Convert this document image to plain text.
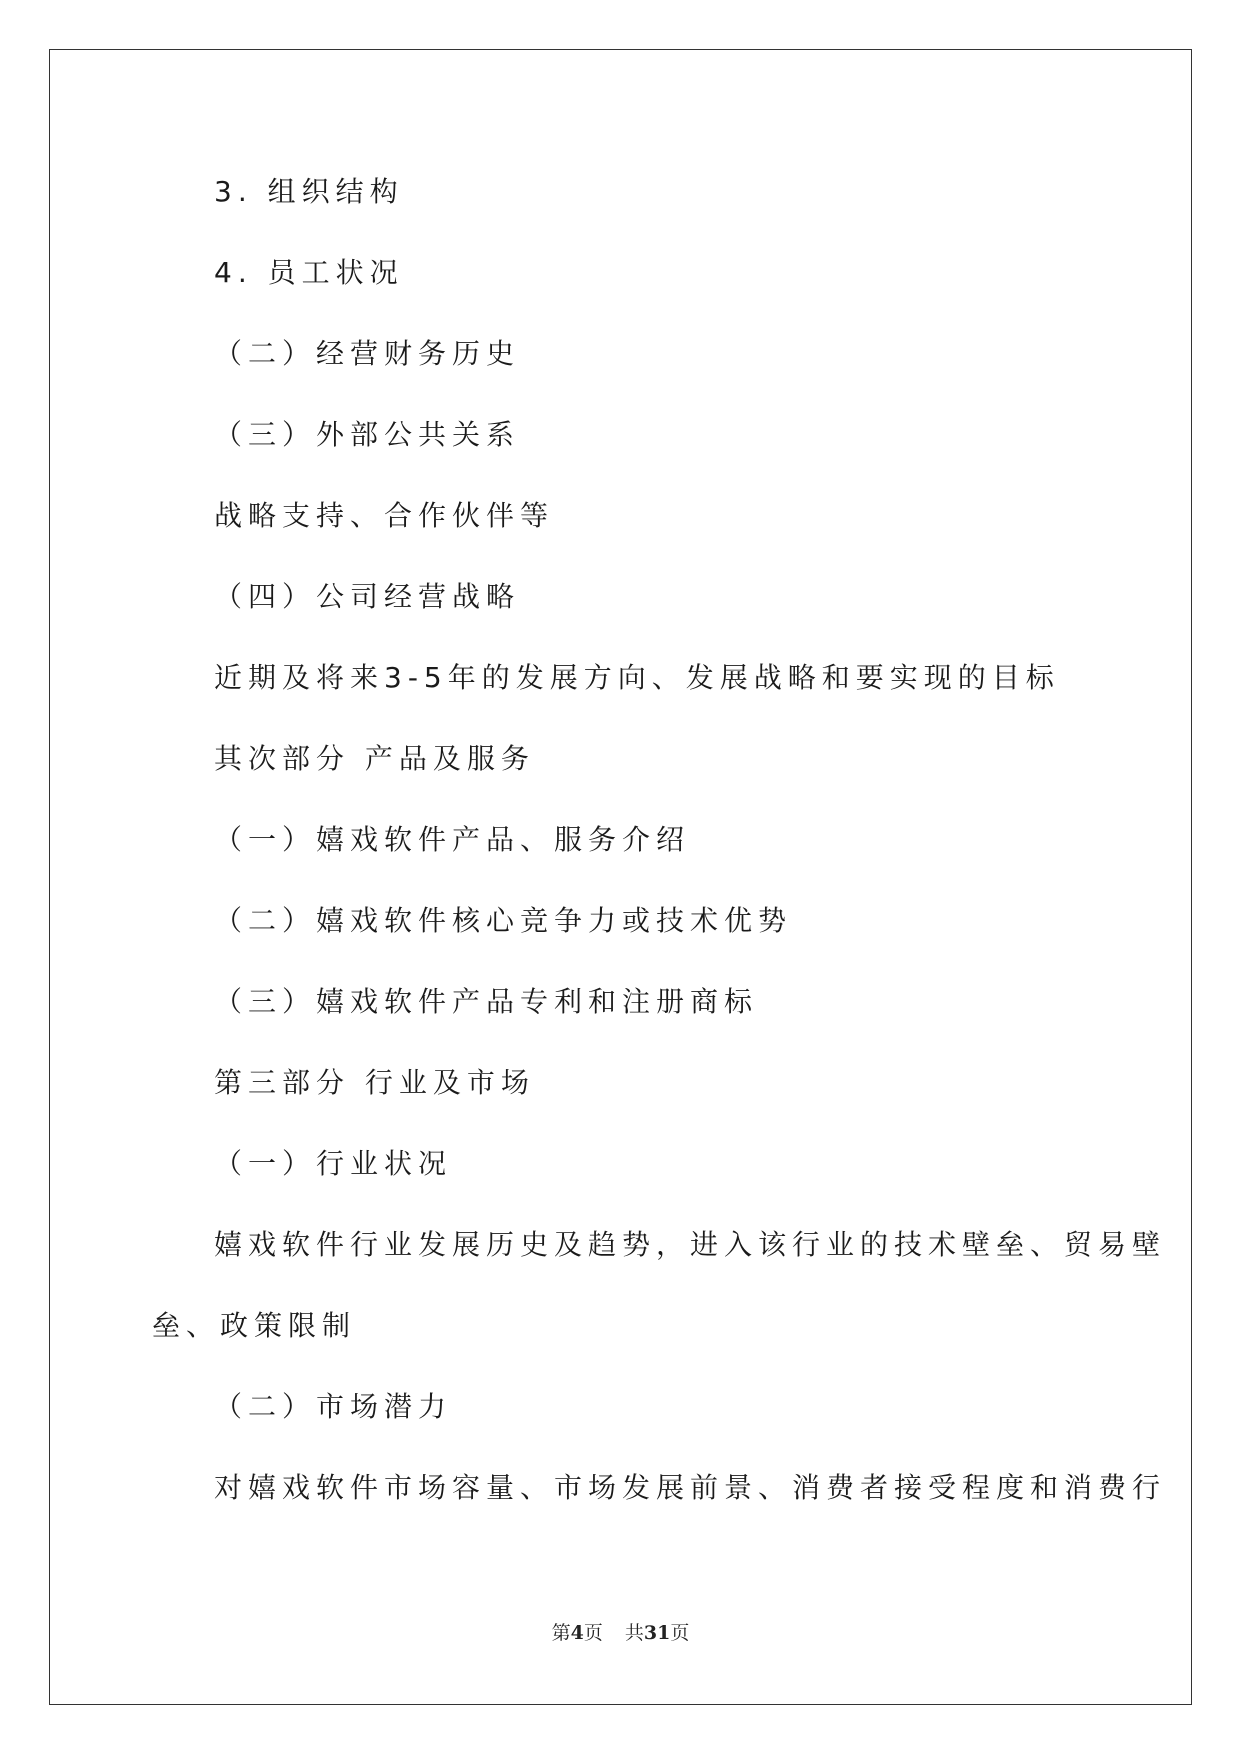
3. 组织结构
4. 员工状况
（二）经营财务历史
（三）外部公共关系
战略支持、合作伙伴等
（四）公司经营战略
近期及将来3-5年的发展方向、发展战略和要实现的目标
其次部分 产品及服务
（一）嬉戏软件产品、服务介绍
（二）嬉戏软件核心竞争力或技术优势
（三）嬉戏软件产品专利和注册商标
第三部分 行业及市场
（一）行业状况
嬉戏软件行业发展历史及趋势，进入该行业的技术壁垒、贸易壁
垒、政策限制
（二）市场潜力
对嬉戏软件市场容量、市场发展前景、消费者接受程度和消费行
第4页 共31页
